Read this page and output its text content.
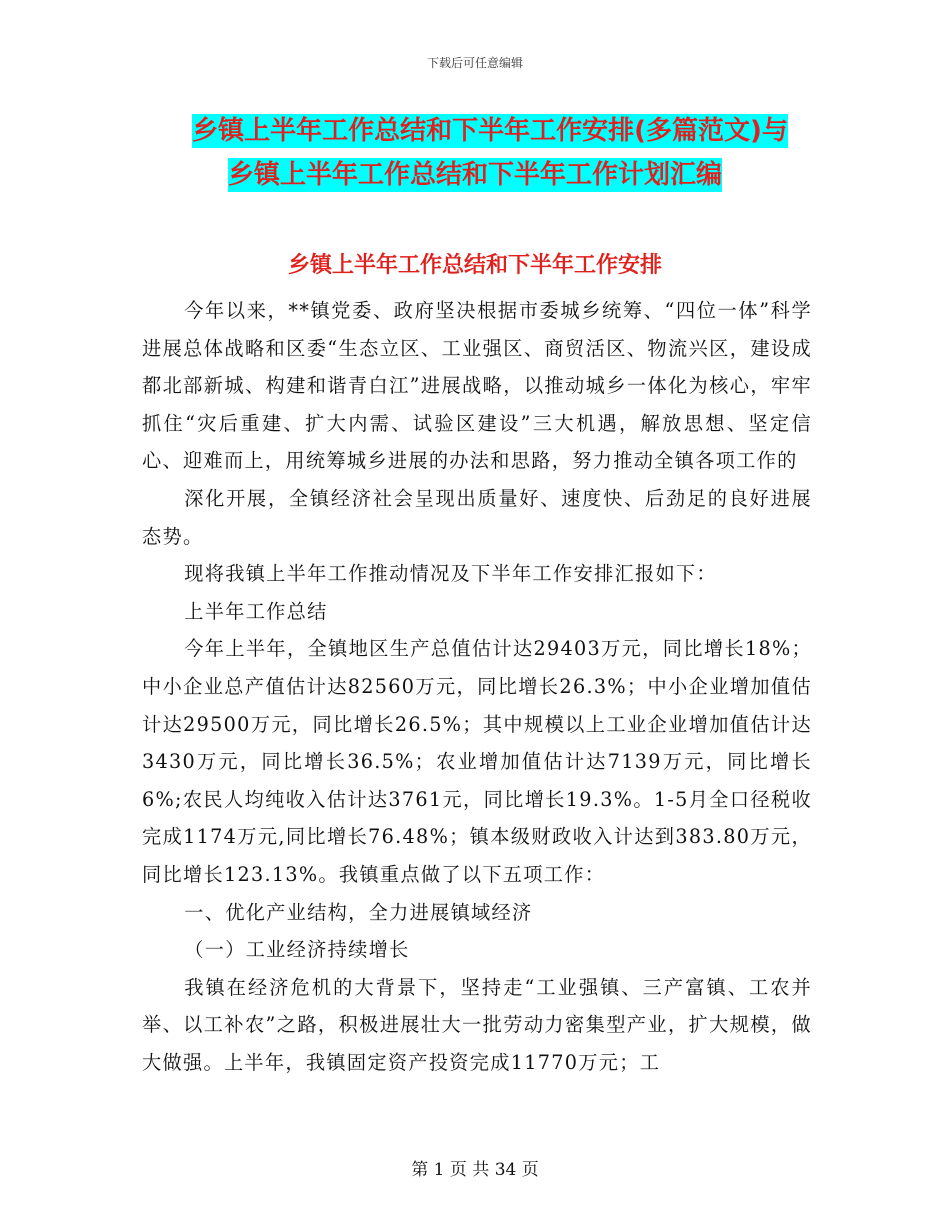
下载后可任意编辑
乡镇上半年工作总结和下半年工作安排(多篇范文)与
乡镇上半年工作总结和下半年工作计划汇编
乡镇上半年工作总结和下半年工作安排

今年以来，**镇党委、政府坚决根据市委城乡统筹、“四位一体”科学进展总体战略和区委“生态立区、工业强区、商贸活区、物流兴区，建设成都北部新城、构建和谐青白江”进展战略，以推动城乡一体化为核心，牢牢抓住“灾后重建、扩大内需、试验区建设”三大机遇，解放思想、坚定信心、迎难而上，用统筹城乡进展的办法和思路，努力推动全镇各项工作的

深化开展，全镇经济社会呈现出质量好、速度快、后劲足的良好进展态势。

现将我镇上半年工作推动情况及下半年工作安排汇报如下：

上半年工作总结

今年上半年，全镇地区生产总值估计达29403万元，同比增长18%；中小企业总产值估计达82560万元，同比增长26.3%；中小企业增加值估计达29500万元，同比增长26.5%；其中规模以上工业企业增加值估计达3430万元，同比增长36.5%；农业增加值估计达7139万元，同比增长6%;农民人均纯收入估计达3761元，同比增长19.3%。1-5月全口径税收完成1174万元,同比增长76.48%；镇本级财政收入计达到383.80万元，同比增长123.13%。我镇重点做了以下五项工作：

一、优化产业结构，全力进展镇域经济

（一）工业经济持续增长

我镇在经济危机的大背景下，坚持走“工业强镇、三产富镇、工农并举、以工补农”之路，积极进展壮大一批劳动力密集型产业，扩大规模，做大做强。上半年，我镇固定资产投资完成11770万元；工

第 1 页 共 34 页
